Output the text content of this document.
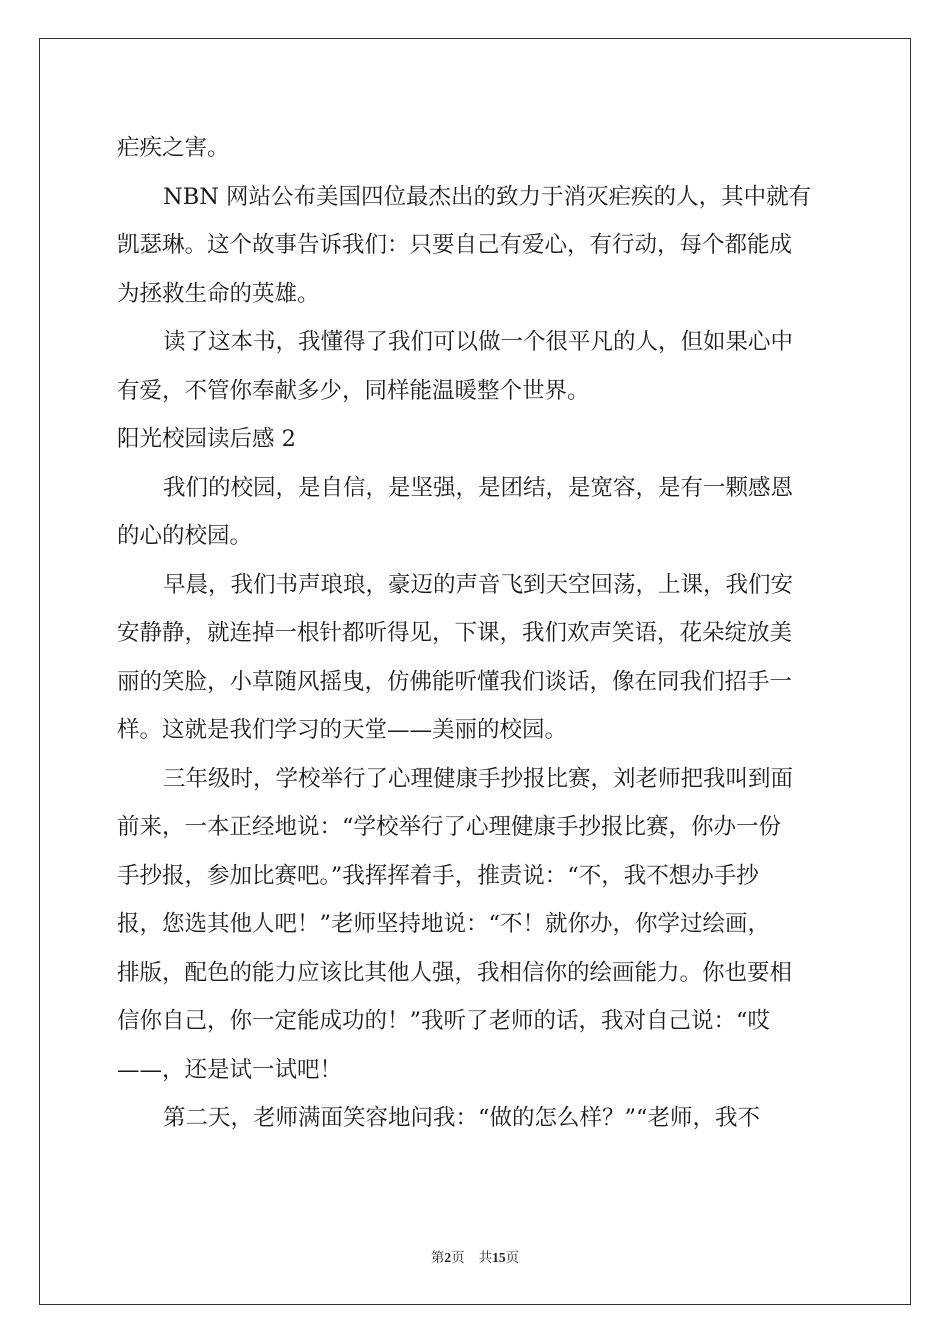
疟疾之害。

NBN 网站公布美国四位最杰出的致力于消灭疟疾的人，其中就有

凯瑟琳。这个故事告诉我们：只要自己有爱心，有行动，每个都能成

为拯救生命的英雄。

读了这本书，我懂得了我们可以做一个很平凡的人，但如果心中

有爱，不管你奉献多少，同样能温暖整个世界。

阳光校园读后感 2

我们的校园，是自信，是坚强，是团结，是宽容，是有一颗感恩

的心的校园。

早晨，我们书声琅琅，豪迈的声音飞到天空回荡，上课，我们安

安静静，就连掉一根针都听得见，下课，我们欢声笑语，花朵绽放美

丽的笑脸，小草随风摇曳，仿佛能听懂我们谈话，像在同我们招手一

样。这就是我们学习的天堂——美丽的校园。

三年级时，学校举行了心理健康手抄报比赛，刘老师把我叫到面

前来，一本正经地说：“学校举行了心理健康手抄报比赛，你办一份

手抄报，参加比赛吧。”我挥挥着手，推责说：“不，我不想办手抄

报，您选其他人吧！”老师坚持地说：“不！就你办，你学过绘画，

排版，配色的能力应该比其他人强，我相信你的绘画能力。你也要相

信你自己，你一定能成功的！”我听了老师的话，我对自己说：“哎

——，还是试一试吧！

第二天，老师满面笑容地问我：“做的怎么样？”“老师，我不

第2页 共15页
